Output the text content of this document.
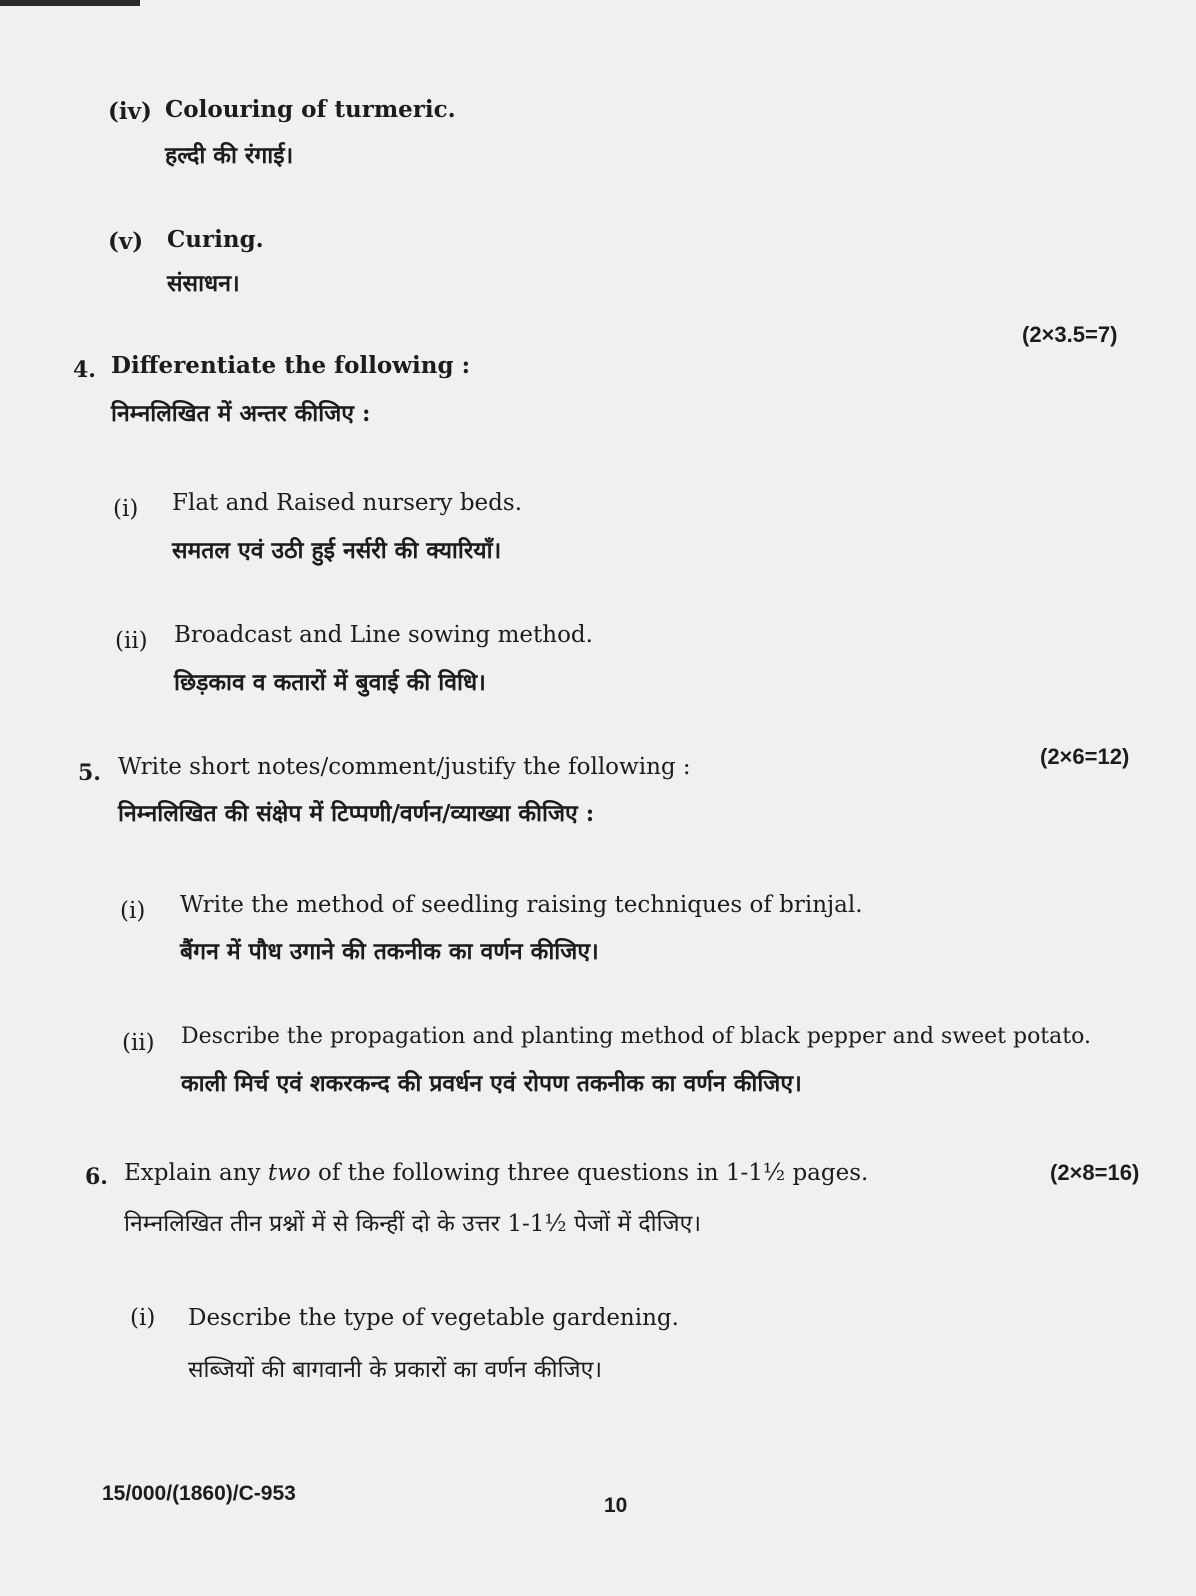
(iv) Colouring of turmeric.
हल्दी की रंगाई।
(v) Curing.
संसाधन।
(2×3.5=7)
4. Differentiate the following :
निम्नलिखित में अन्तर कीजिए :
(i) Flat and Raised nursery beds.
समतल एवं उठी हुई नर्सरी की क्यारियाँ।
(ii) Broadcast and Line sowing method.
छिड़काव व कतारों में बुवाई की विधि।
(2×6=12)
5. Write short notes/comment/justify the following :
निम्नलिखित की संक्षेप में टिप्पणी/वर्णन/व्याख्या कीजिए :
(i) Write the method of seedling raising techniques of brinjal.
बैंगन में पौध उगाने की तकनीक का वर्णन कीजिए।
(ii) Describe the propagation and planting method of black pepper and sweet potato.
काली मिर्च एवं शकरकन्द की प्रवर्धन एवं रोपण तकनीक का वर्णन कीजिए।
(2×8=16)
6. Explain any two of the following three questions in 1-1½ pages.
निम्नलिखित तीन प्रश्नों में से किन्हीं दो के उत्तर 1-1½ पेजों में दीजिए।
(i) Describe the type of vegetable gardening.
सब्जियों की बागवानी के प्रकारों का वर्णन कीजिए।
15/000/(1860)/C-953
10
